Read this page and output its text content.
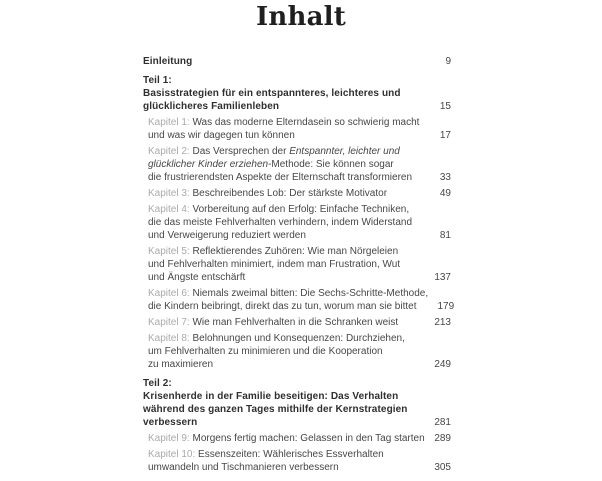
Inhalt
Einleitung	9
Teil 1:
Basisstrategien für ein entspannteres, leichteres und
glücklicheres Familienleben	15
Kapitel 1: Was das moderne Elterndasein so schwierig macht
und was wir dagegen tun können	17
Kapitel 2: Das Versprechen der Entspannter, leichter und
glücklicher Kinder erziehen-Methode: Sie können sogar
die frustrierendsten Aspekte der Elternschaft transformieren	33
Kapitel 3: Beschreibendes Lob: Der stärkste Motivator	49
Kapitel 4: Vorbereitung auf den Erfolg: Einfache Techniken,
die das meiste Fehlverhalten verhindern, indem Widerstand
und Verweigerung reduziert werden	81
Kapitel 5: Reflektierendes Zuhören: Wie man Nörgeleien
und Fehlverhalten minimiert, indem man Frustration, Wut
und Ängste entschärft	137
Kapitel 6: Niemals zweimal bitten: Die Sechs-Schritte-Methode,
die Kindern beibringt, direkt das zu tun, worum man sie bittet	179
Kapitel 7: Wie man Fehlverhalten in die Schranken weist	213
Kapitel 8: Belohnungen und Konsequenzen: Durchziehen,
um Fehlverhalten zu minimieren und die Kooperation
zu maximieren	249
Teil 2:
Krisenherde in der Familie beseitigen: Das Verhalten
während des ganzen Tages mithilfe der Kernstrategien
verbessern	281
Kapitel 9: Morgens fertig machen: Gelassen in den Tag starten 289
Kapitel 10: Essenszeiten: Wählerisches Essverhalten
umwandeln und Tischmanieren verbessern	305
